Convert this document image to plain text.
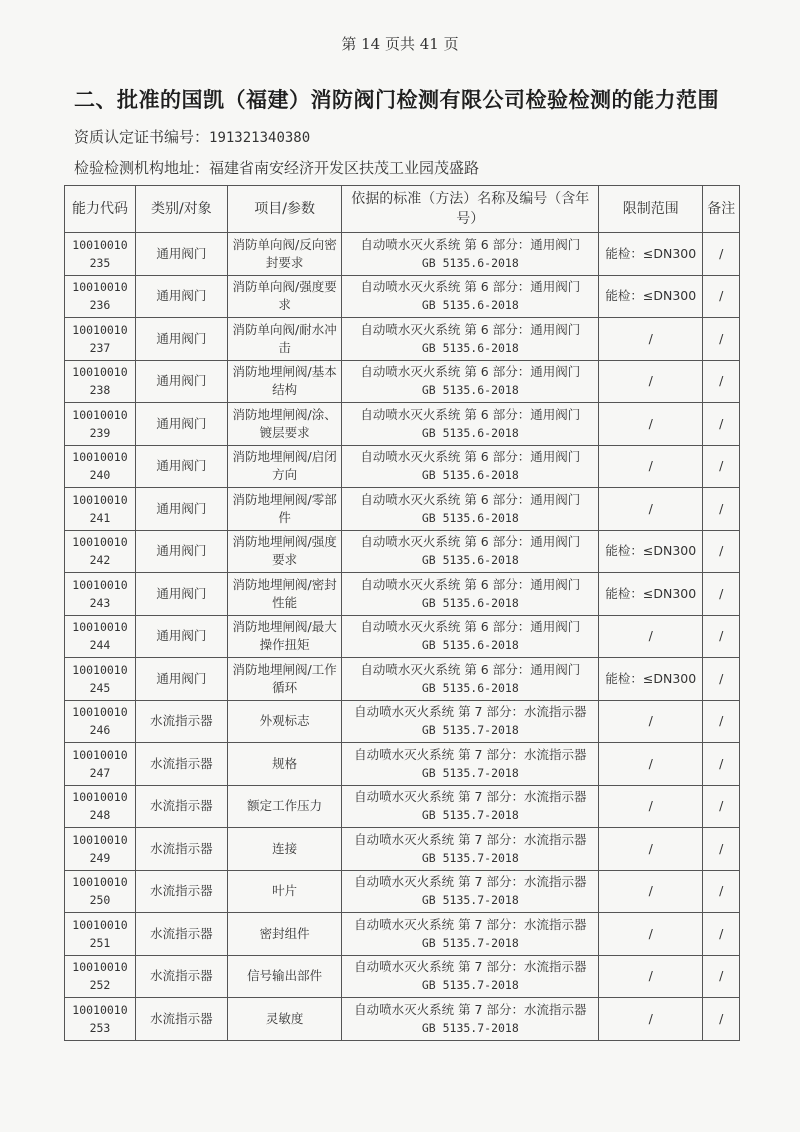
第 14 页共 41 页
二、批准的国凯（福建）消防阀门检测有限公司检验检测的能力范围
资质认定证书编号：191321340380
检验检测机构地址：福建省南安经济开发区扶茂工业园茂盛路
能力代码	类别/对象	项目/参数	依据的标准（方法）名称及编号（含年号）	限制范围	备注
10010010 235	通用阀门	消防单向阀/反向密封要求	自动喷水灭火系统 第 6 部分：通用阀门
GB 5135.6-2018	能检：≤DN300	/
10010010 236	通用阀门	消防单向阀/强度要求	自动喷水灭火系统 第 6 部分：通用阀门
GB 5135.6-2018	能检：≤DN300	/
10010010 237	通用阀门	消防单向阀/耐水冲击	自动喷水灭火系统 第 6 部分：通用阀门
GB 5135.6-2018	/	/
10010010 238	通用阀门	消防地埋闸阀/基本结构	自动喷水灭火系统 第 6 部分：通用阀门
GB 5135.6-2018	/	/
10010010 239	通用阀门	消防地埋闸阀/涂、镀层要求	自动喷水灭火系统 第 6 部分：通用阀门
GB 5135.6-2018	/	/
10010010 240	通用阀门	消防地埋闸阀/启闭方向	自动喷水灭火系统 第 6 部分：通用阀门
GB 5135.6-2018	/	/
10010010 241	通用阀门	消防地埋闸阀/零部件	自动喷水灭火系统 第 6 部分：通用阀门
GB 5135.6-2018	/	/
10010010 242	通用阀门	消防地埋闸阀/强度要求	自动喷水灭火系统 第 6 部分：通用阀门
GB 5135.6-2018	能检：≤DN300	/
10010010 243	通用阀门	消防地埋闸阀/密封性能	自动喷水灭火系统 第 6 部分：通用阀门
GB 5135.6-2018	能检：≤DN300	/
10010010 244	通用阀门	消防地埋闸阀/最大操作扭矩	自动喷水灭火系统 第 6 部分：通用阀门
GB 5135.6-2018	/	/
10010010 245	通用阀门	消防地埋闸阀/工作循环	自动喷水灭火系统 第 6 部分：通用阀门
GB 5135.6-2018	能检：≤DN300	/
10010010 246	水流指示器	外观标志	自动喷水灭火系统 第 7 部分：水流指示器
GB 5135.7-2018	/	/
10010010 247	水流指示器	规格	自动喷水灭火系统 第 7 部分：水流指示器
GB 5135.7-2018	/	/
10010010 248	水流指示器	额定工作压力	自动喷水灭火系统 第 7 部分：水流指示器
GB 5135.7-2018	/	/
10010010 249	水流指示器	连接	自动喷水灭火系统 第 7 部分：水流指示器
GB 5135.7-2018	/	/
10010010 250	水流指示器	叶片	自动喷水灭火系统 第 7 部分：水流指示器
GB 5135.7-2018	/	/
10010010 251	水流指示器	密封组件	自动喷水灭火系统 第 7 部分：水流指示器
GB 5135.7-2018	/	/
10010010 252	水流指示器	信号输出部件	自动喷水灭火系统 第 7 部分：水流指示器
GB 5135.7-2018	/	/
10010010 253	水流指示器	灵敏度	自动喷水灭火系统 第 7 部分：水流指示器
GB 5135.7-2018	/	/
